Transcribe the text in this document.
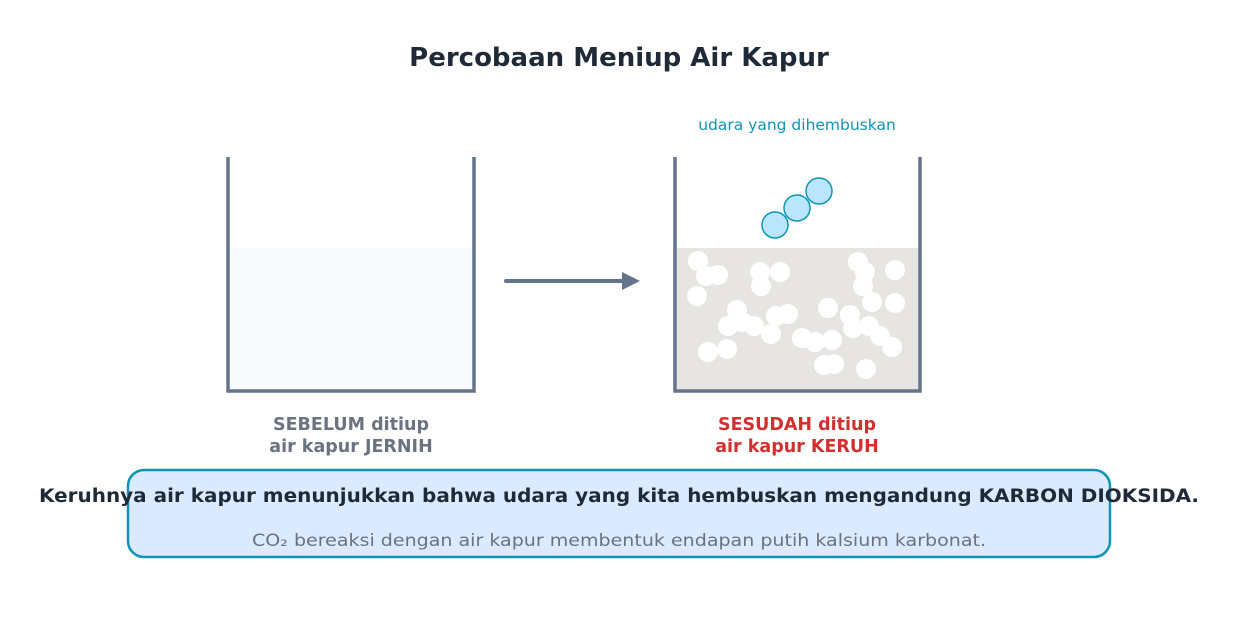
Percobaan Meniup Air Kapur
udara yang dihembuskan
SEBELUM ditiup
air kapur JERNIH
SESUDAH ditiup
air kapur KERUH
Keruhnya air kapur menunjukkan bahwa udara yang kita hembuskan mengandung KARBON DIOKSIDA.
CO₂ bereaksi dengan air kapur membentuk endapan putih kalsium karbonat.
